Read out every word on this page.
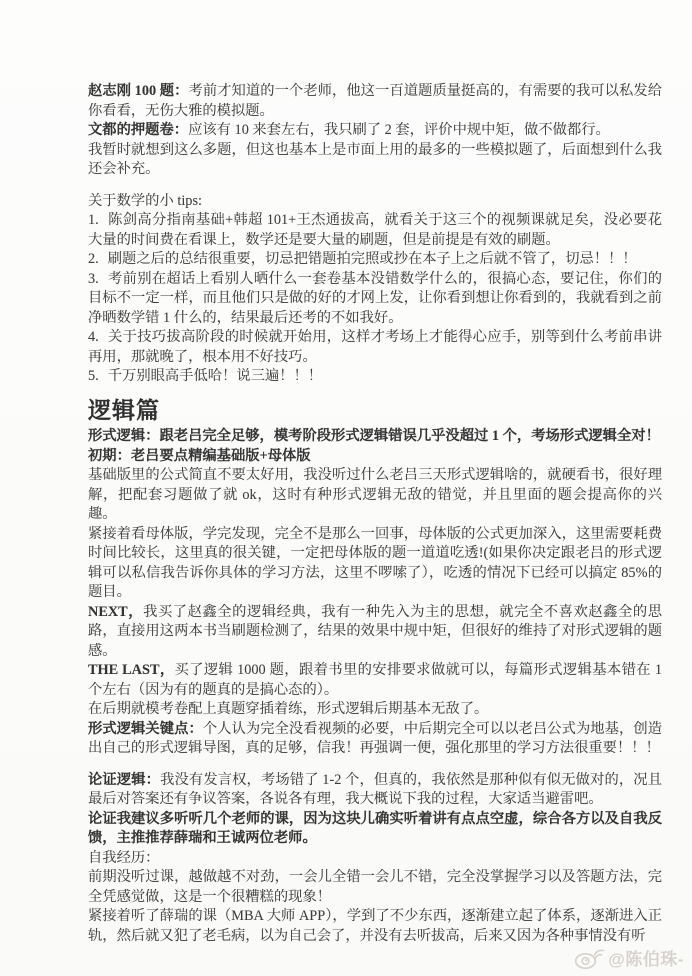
赵志刚 100 题：考前才知道的一个老师，他这一百道题质量挺高的，有需要的我可以私发给你看看，无伤大雅的模拟题。

文都的押题卷：应该有 10 来套左右，我只刷了 2 套，评价中规中矩，做不做都行。

我暂时就想到这么多题，但这也基本上是市面上用的最多的一些模拟题了，后面想到什么我还会补充。

关于数学的小 tips:

1. 陈剑高分指南基础+韩超 101+王杰通拔高，就看关于这三个的视频课就足矣，没必要花大量的时间费在看课上，数学还是要大量的刷题，但是前提是有效的刷题。

2. 刷题之后的总结很重要，切忌把错题拍完照或抄在本子上之后就不管了，切忌！！！

3. 考前别在超话上看别人晒什么一套卷基本没错数学什么的，很搞心态，要记住，你们的目标不一定一样，而且他们只是做的好的才网上发，让你看到想让你看到的，我就看到之前净晒数学错 1 什么的，结果最后还考的不如我好。

4. 关于技巧拔高阶段的时候就开始用，这样才考场上才能得心应手，别等到什么考前串讲再用，那就晚了，根本用不好技巧。

5. 千万别眼高手低哈！说三遍！！！

逻辑篇

形式逻辑：跟老吕完全足够，模考阶段形式逻辑错误几乎没超过 1 个，考场形式逻辑全对！

初期：老吕要点精编基础版+母体版

基础版里的公式简直不要太好用，我没听过什么老吕三天形式逻辑啥的，就硬看书，很好理解，把配套习题做了就 ok，这时有种形式逻辑无敌的错觉，并且里面的题会提高你的兴趣。

紧接着看母体版，学完发现，完全不是那么一回事，母体版的公式更加深入，这里需要耗费时间比较长，这里真的很关键，一定把母体版的题一道道吃透!(如果你决定跟老吕的形式逻辑可以私信我告诉你具体的学习方法，这里不啰嗦了），吃透的情况下已经可以搞定 85%的题目。

NEXT，我买了赵鑫全的逻辑经典，我有一种先入为主的思想，就完全不喜欢赵鑫全的思路，直接用这两本书当刷题检测了，结果的效果中规中矩，但很好的维持了对形式逻辑的题感。

THE LAST，买了逻辑 1000 题，跟着书里的安排要求做就可以，每篇形式逻辑基本错在 1 个左右（因为有的题真的是搞心态的）。

在后期就模考卷配上真题穿插着练，形式逻辑后期基本无敌了。

形式逻辑关键点：个人认为完全没看视频的必要，中后期完全可以以老吕公式为地基，创造出自己的形式逻辑导图，真的足够，信我！再强调一便，强化那里的学习方法很重要！！！

论证逻辑：我没有发言权，考场错了 1-2 个，但真的，我依然是那种似有似无做对的，况且最后对答案还有争议答案，各说各有理，我大概说下我的过程，大家适当避雷吧。

论证我建议多听听几个老师的课，因为这块儿确实听着讲有点点空虚，综合各方以及自我反馈，主推推荐薛瑞和王诚两位老师。

自我经历：

前期没听过课，越做越不对劲，一会儿全错一会儿不错，完全没掌握学习以及答题方法，完全凭感觉做，这是一个很糟糕的现象！

紧接着听了薛瑞的课（MBA 大师 APP），学到了不少东西，逐渐建立起了体系，逐渐进入正轨，然后就又犯了老毛病，以为自己会了，并没有去听拔高，后来又因为各种事情没有听

@陈伯珠-
